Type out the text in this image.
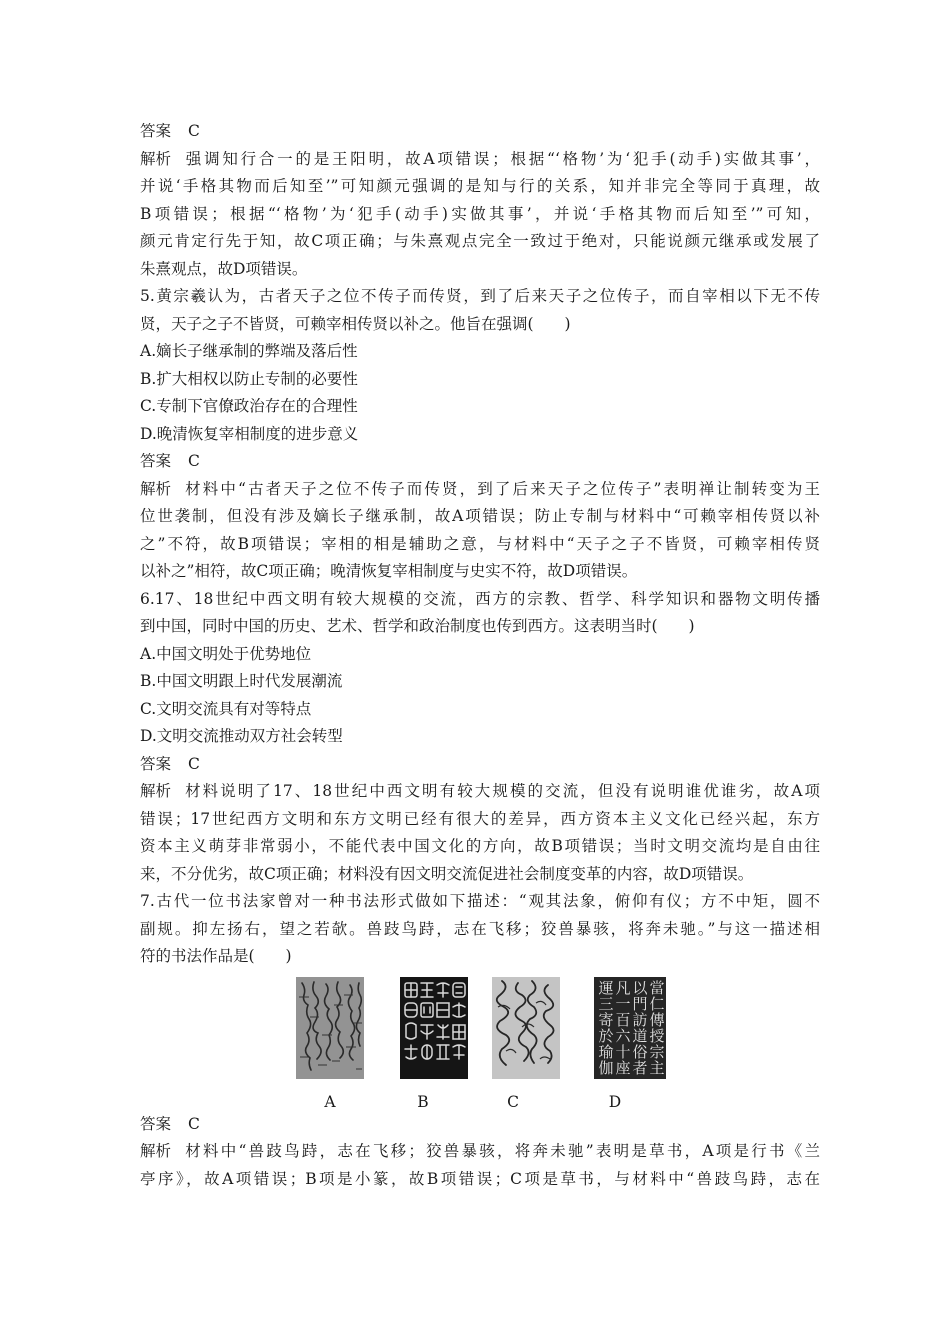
答案 C
解析 强调知行合一的是王阳明，故A项错误；根据“‘格物’为‘犯手(动手)实做其事’，
并说‘手格其物而后知至’”可知颜元强调的是知与行的关系，知并非完全等同于真理，故
B项错误；根据“‘格物’为‘犯手(动手)实做其事’，并说‘手格其物而后知至’”可知，
颜元肯定行先于知，故C项正确；与朱熹观点完全一致过于绝对，只能说颜元继承或发展了
朱熹观点，故D项错误。
5.黄宗羲认为，古者天子之位不传子而传贤，到了后来天子之位传子，而自宰相以下无不传
贤，天子之子不皆贤，可赖宰相传贤以补之。他旨在强调(　　)
A.嫡长子继承制的弊端及落后性
B.扩大相权以防止专制的必要性
C.专制下官僚政治存在的合理性
D.晚清恢复宰相制度的进步意义
答案 C
解析 材料中“古者天子之位不传子而传贤，到了后来天子之位传子”表明禅让制转变为王
位世袭制，但没有涉及嫡长子继承制，故A项错误；防止专制与材料中“可赖宰相传贤以补
之”不符，故B项错误；宰相的相是辅助之意，与材料中“天子之子不皆贤，可赖宰相传贤
以补之”相符，故C项正确；晚清恢复宰相制度与史实不符，故D项错误。
6.17、18世纪中西文明有较大规模的交流，西方的宗教、哲学、科学知识和器物文明传播
到中国，同时中国的历史、艺术、哲学和政治制度也传到西方。这表明当时(　　)
A.中国文明处于优势地位
B.中国文明跟上时代发展潮流
C.文明交流具有对等特点
D.文明交流推动双方社会转型
答案 C
解析 材料说明了17、18世纪中西文明有较大规模的交流，但没有说明谁优谁劣，故A项
错误；17世纪西方文明和东方文明已经有很大的差异，西方资本主义文化已经兴起，东方
资本主义萌芽非常弱小，不能代表中国文化的方向，故B项错误；当时文明交流均是自由往
来，不分优劣，故C项正确；材料没有因文明交流促进社会制度变革的内容，故D项错误。
7.古代一位书法家曾对一种书法形式做如下描述：“观其法象，俯仰有仪；方不中矩，圆不
副规。抑左扬右，望之若欹。兽跂鸟跱，志在飞移；狡兽暴骇，将奔未驰。”与这一描述相
符的书法作品是(　　)
A	B	C
當
仁
傳
授
宗
主
以
門
訪
道
俗
者
凡
一
百
六
十
座
運
三
寄
於
瑜
伽
D
答案 C
解析 材料中“兽跂鸟跱，志在飞移；狡兽暴骇，将奔未驰”表明是草书，A项是行书《兰
亭序》，故A项错误；B项是小篆，故B项错误；C项是草书，与材料中“兽跂鸟跱，志在
